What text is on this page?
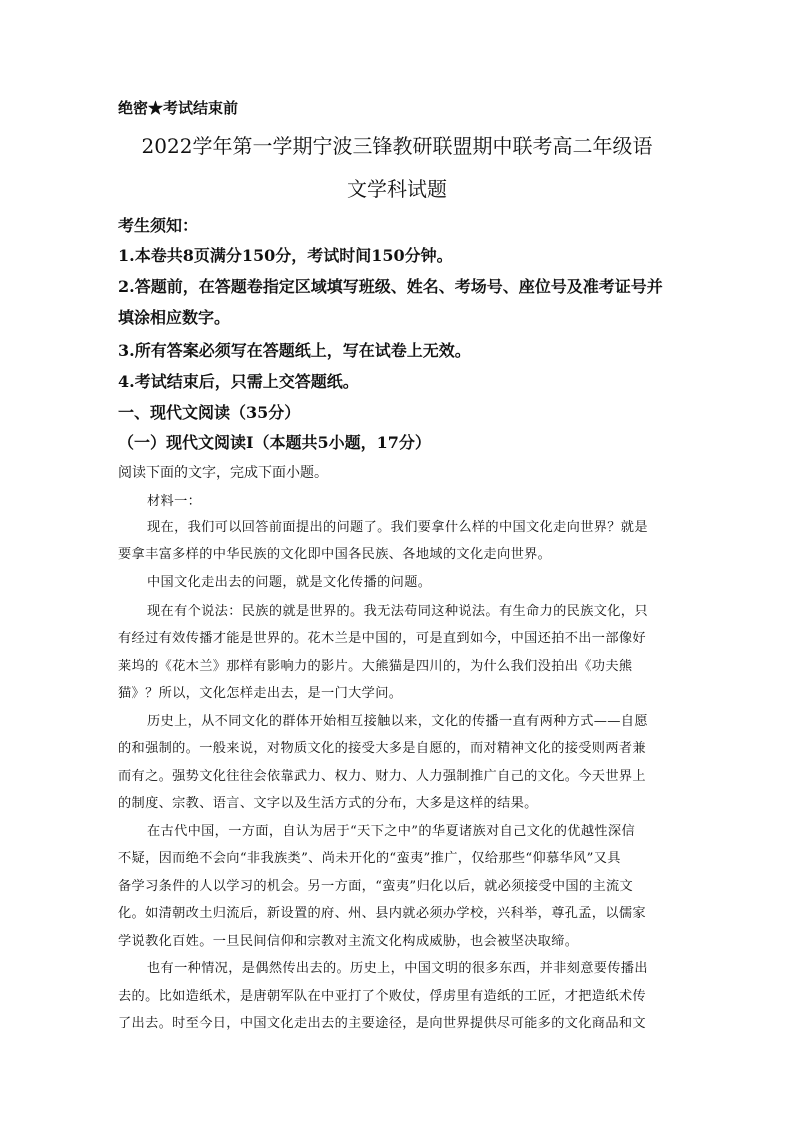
绝密★考试结束前
2022学年第一学期宁波三锋教研联盟期中联考高二年级语
文学科试题
考生须知：
1.本卷共8页满分150分，考试时间150分钟。
2.答题前，在答题卷指定区域填写班级、姓名、考场号、座位号及准考证号并
填涂相应数字。
3.所有答案必须写在答题纸上，写在试卷上无效。
4.考试结束后，只需上交答题纸。
一、现代文阅读（35分）
（一）现代文阅读Ⅰ（本题共5小题，17分）
阅读下面的文字，完成下面小题。
材料一：
现在，我们可以回答前面提出的问题了。我们要拿什么样的中国文化走向世界？就是
要拿丰富多样的中华民族的文化即中国各民族、各地域的文化走向世界。
中国文化走出去的问题，就是文化传播的问题。
现在有个说法：民族的就是世界的。我无法苟同这种说法。有生命力的民族文化，只
有经过有效传播才能是世界的。花木兰是中国的，可是直到如今，中国还拍不出一部像好
莱坞的《花木兰》那样有影响力的影片。大熊猫是四川的，为什么我们没拍出《功夫熊
猫》？所以，文化怎样走出去，是一门大学问。
历史上，从不同文化的群体开始相互接触以来，文化的传播一直有两种方式——自愿
的和强制的。一般来说，对物质文化的接受大多是自愿的，而对精神文化的接受则两者兼
而有之。强势文化往往会依靠武力、权力、财力、人力强制推广自己的文化。今天世界上
的制度、宗教、语言、文字以及生活方式的分布，大多是这样的结果。
在古代中国，一方面，自认为居于“天下之中”的华夏诸族对自己文化的优越性深信
不疑，因而绝不会向“非我族类”、尚未开化的“蛮夷”推广，仅给那些“仰慕华风”又具
备学习条件的人以学习的机会。另一方面，“蛮夷”归化以后，就必须接受中国的主流文
化。如清朝改土归流后，新设置的府、州、县内就必须办学校，兴科举，尊孔孟，以儒家
学说教化百姓。一旦民间信仰和宗教对主流文化构成威胁，也会被坚决取缔。
也有一种情况，是偶然传出去的。历史上，中国文明的很多东西，并非刻意要传播出
去的。比如造纸术，是唐朝军队在中亚打了个败仗，俘虏里有造纸的工匠，才把造纸术传
了出去。时至今日，中国文化走出去的主要途径，是向世界提供尽可能多的文化商品和文
